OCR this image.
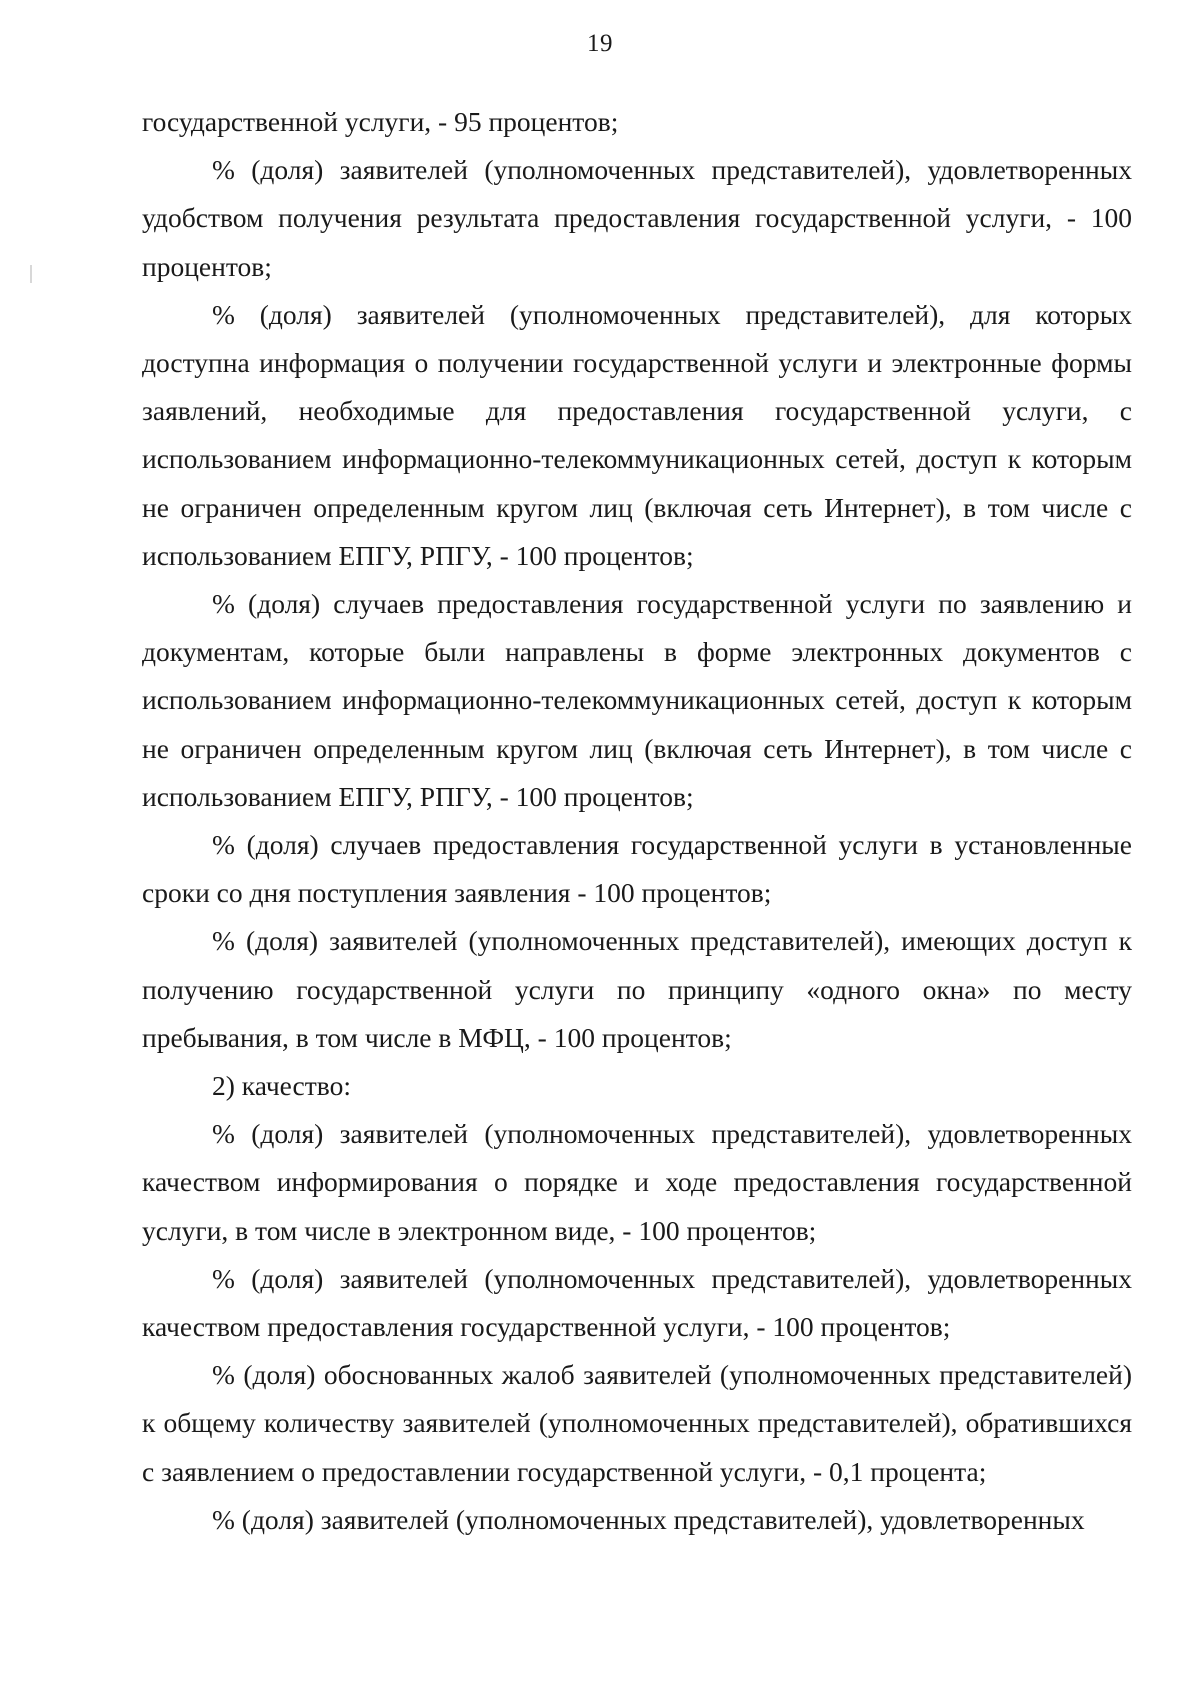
19

государственной услуги, - 95 процентов;

% (доля) заявителей (уполномоченных представителей), удовлетворенных удобством получения результата предоставления государственной услуги, - 100 процентов;

% (доля) заявителей (уполномоченных представителей), для которых доступна информация о получении государственной услуги и электронные формы заявлений, необходимые для предоставления государственной услуги, с использованием информационно-телекоммуникационных сетей, доступ к которым не ограничен определенным кругом лиц (включая сеть Интернет), в том числе с использованием ЕПГУ, РПГУ, - 100 процентов;

% (доля) случаев предоставления государственной услуги по заявлению и документам, которые были направлены в форме электронных документов с использованием информационно-телекоммуникационных сетей, доступ к которым не ограничен определенным кругом лиц (включая сеть Интернет), в том числе с использованием ЕПГУ, РПГУ, - 100 процентов;

% (доля) случаев предоставления государственной услуги в установленные сроки со дня поступления заявления - 100 процентов;

% (доля) заявителей (уполномоченных представителей), имеющих доступ к получению государственной услуги по принципу «одного окна» по месту пребывания, в том числе в МФЦ, - 100 процентов;

2) качество:

% (доля) заявителей (уполномоченных представителей), удовлетворенных качеством информирования о порядке и ходе предоставления государственной услуги, в том числе в электронном виде, - 100 процентов;

% (доля) заявителей (уполномоченных представителей), удовлетворенных качеством предоставления государственной услуги, - 100 процентов;

% (доля) обоснованных жалоб заявителей (уполномоченных представителей) к общему количеству заявителей (уполномоченных представителей), обратившихся с заявлением о предоставлении государственной услуги, - 0,1 процента;

% (доля) заявителей (уполномоченных представителей), удовлетворенных
